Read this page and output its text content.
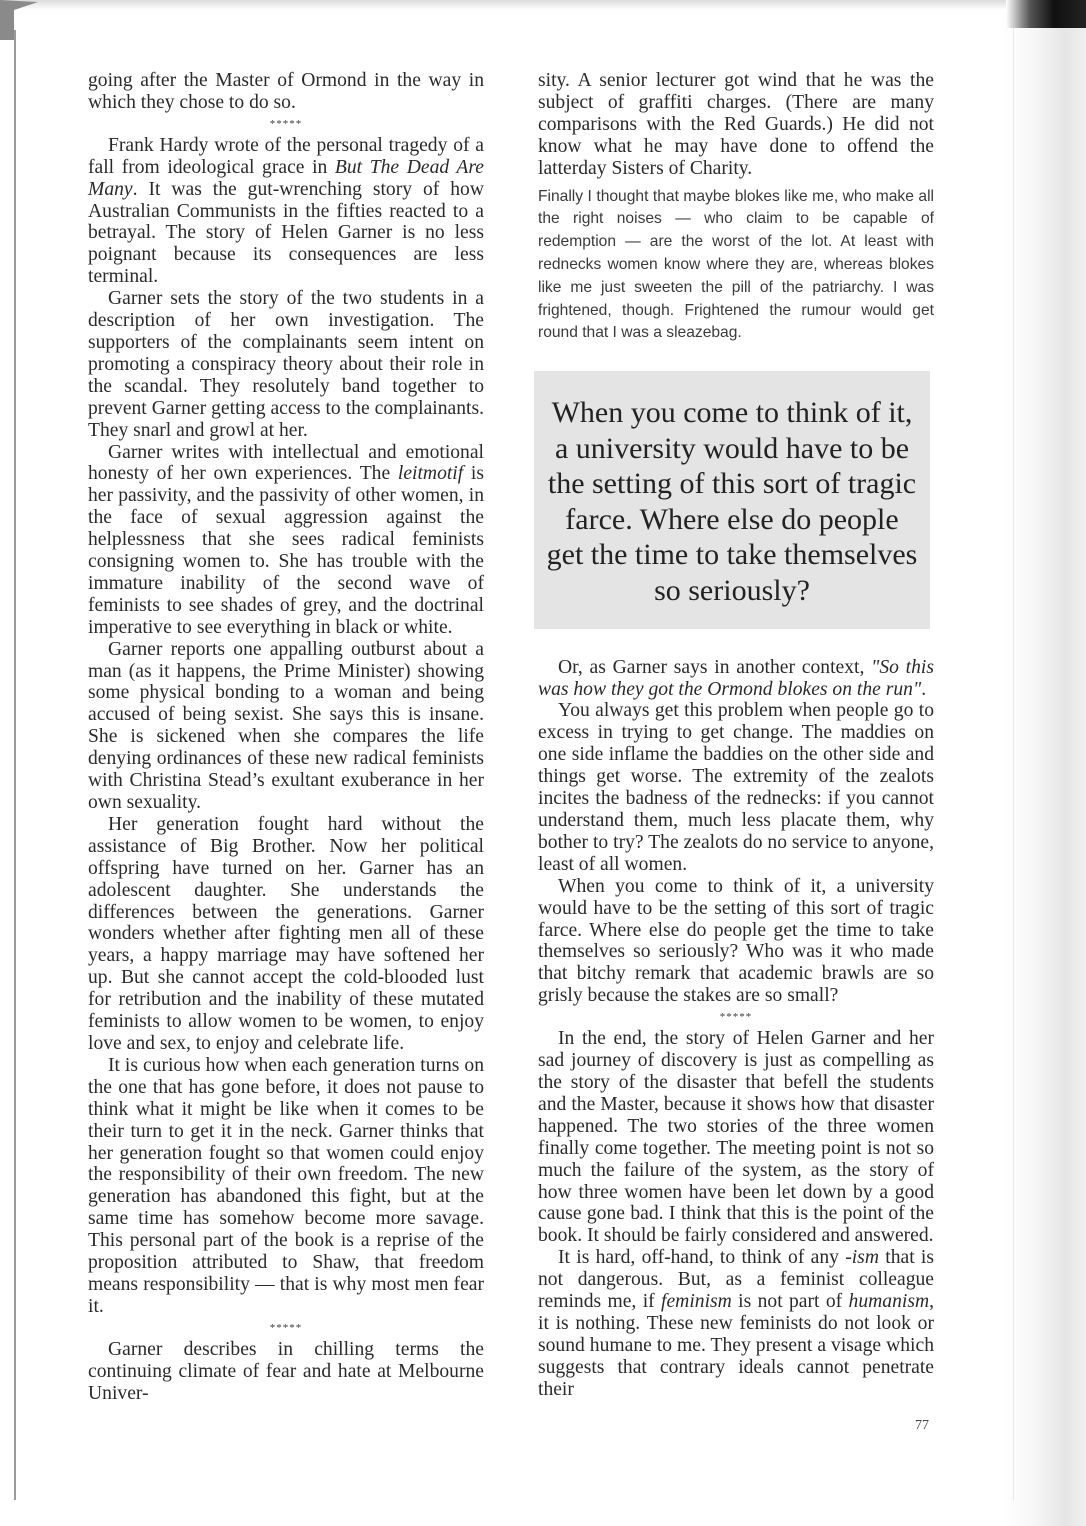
going after the Master of Ormond in the way in which they chose to do so.

*****

Frank Hardy wrote of the personal tragedy of a fall from ideological grace in But The Dead Are Many. It was the gut-wrenching story of how Australian Communists in the fifties reacted to a betrayal. The story of Helen Garner is no less poignant because its consequences are less terminal.

Garner sets the story of the two students in a description of her own investigation. The supporters of the complainants seem intent on promoting a conspiracy theory about their role in the scandal. They resolutely band together to prevent Garner getting access to the complainants. They snarl and growl at her.

Garner writes with intellectual and emotional honesty of her own experiences. The leitmotif is her passivity, and the passivity of other women, in the face of sexual aggression against the helplessness that she sees radical feminists consigning women to. She has trouble with the immature inability of the second wave of feminists to see shades of grey, and the doctrinal imperative to see everything in black or white.

Garner reports one appalling outburst about a man (as it happens, the Prime Minister) showing some physical bonding to a woman and being accused of being sexist. She says this is insane. She is sickened when she compares the life denying ordinances of these new radical feminists with Christina Stead’s exultant exuberance in her own sexuality.

Her generation fought hard without the assistance of Big Brother. Now her political offspring have turned on her. Garner has an adolescent daughter. She understands the differences between the generations. Garner wonders whether after fighting men all of these years, a happy marriage may have softened her up. But she cannot accept the cold-blooded lust for retribution and the inability of these mutated feminists to allow women to be women, to enjoy love and sex, to enjoy and celebrate life.

It is curious how when each generation turns on the one that has gone before, it does not pause to think what it might be like when it comes to be their turn to get it in the neck. Garner thinks that her generation fought so that women could enjoy the responsibility of their own freedom. The new generation has abandoned this fight, but at the same time has somehow become more savage. This personal part of the book is a reprise of the proposition attributed to Shaw, that freedom means responsibility — that is why most men fear it.

*****

Garner describes in chilling terms the continuing climate of fear and hate at Melbourne Univer-

sity. A senior lecturer got wind that he was the subject of graffiti charges. (There are many comparisons with the Red Guards.) He did not know what he may have done to offend the latterday Sisters of Charity.

Finally I thought that maybe blokes like me, who make all the right noises — who claim to be capable of redemption — are the worst of the lot. At least with rednecks women know where they are, whereas blokes like me just sweeten the pill of the patriarchy. I was frightened, though. Frightened the rumour would get round that I was a sleazebag.

When you come to think of it, a university would have to be the setting of this sort of tragic farce. Where else do people get the time to take themselves so seriously?

Or, as Garner says in another context, "So this was how they got the Ormond blokes on the run".

You always get this problem when people go to excess in trying to get change. The maddies on one side inflame the baddies on the other side and things get worse. The extremity of the zealots incites the badness of the rednecks: if you cannot understand them, much less placate them, why bother to try? The zealots do no service to anyone, least of all women.

When you come to think of it, a university would have to be the setting of this sort of tragic farce. Where else do people get the time to take themselves so seriously? Who was it who made that bitchy remark that academic brawls are so grisly because the stakes are so small?

*****

In the end, the story of Helen Garner and her sad journey of discovery is just as compelling as the story of the disaster that befell the students and the Master, because it shows how that disaster happened. The two stories of the three women finally come together. The meeting point is not so much the failure of the system, as the story of how three women have been let down by a good cause gone bad. I think that this is the point of the book. It should be fairly considered and answered.

It is hard, off-hand, to think of any -ism that is not dangerous. But, as a feminist colleague reminds me, if feminism is not part of humanism, it is nothing. These new feminists do not look or sound humane to me. They present a visage which suggests that contrary ideals cannot penetrate their

77
